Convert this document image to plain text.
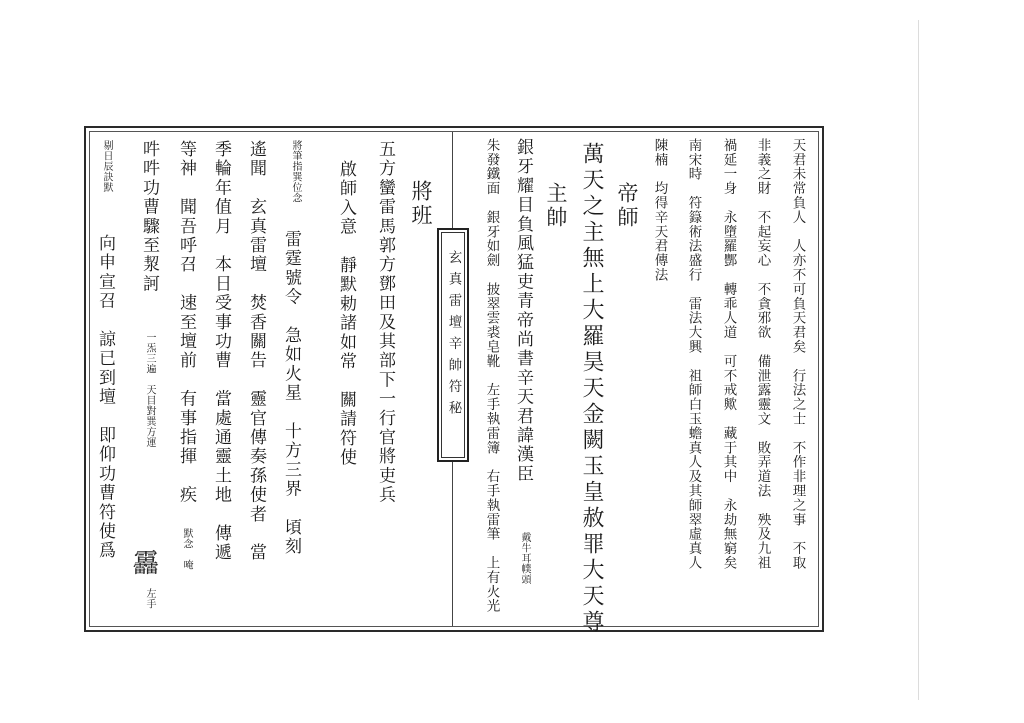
天君未常負人　人亦不可負天君矣　行法之士　不作非理之事　不取
非義之財　不起妄心　不貪邪欲　備泄露靈文　敗弄道法　殃及九祖
禍延一身　永墮羅酆　轉乖人道　可不戒歟　藏于其中　永劫無窮矣
南宋時　符籙術法盛行　雷法大興　祖師白玉蟾真人及其師翠虛真人
陳楠　均得辛天君傳法
帝師
萬天之主無上大羅昊天金闕玉皇赦罪大天尊
主帥
銀牙耀目負風猛吏青帝尚書辛天君諱漢臣
戴牛耳幞頭
朱發鐵面　銀牙如劍　披翠雲裘皂靴　左手執雷簿　右手執雷筆　上有火光
玄真雷壇辛帥符秘
將班
五方蠻雷馬郭方鄧田及其部下一行官將吏兵
啟師入意　靜默勅諸如常　關請符使
將筆指巽位念
雷霆號令　急如火星　十方三界　頃刻
遙聞　玄真雷壇　焚香關告　靈官傳奏孫使者　當
季輪年值月　本日受事功曹　當處通靈土地　傳遞
等神　聞吾呼召　速至壇前　有事指揮　疾
默念　唵
吽吽功曹驟至洯訶
一炁三遍　天目對巽方運
左手
剔日辰訣默
向申宣召　諒已到壇　即仰功曹符使爲
靐
